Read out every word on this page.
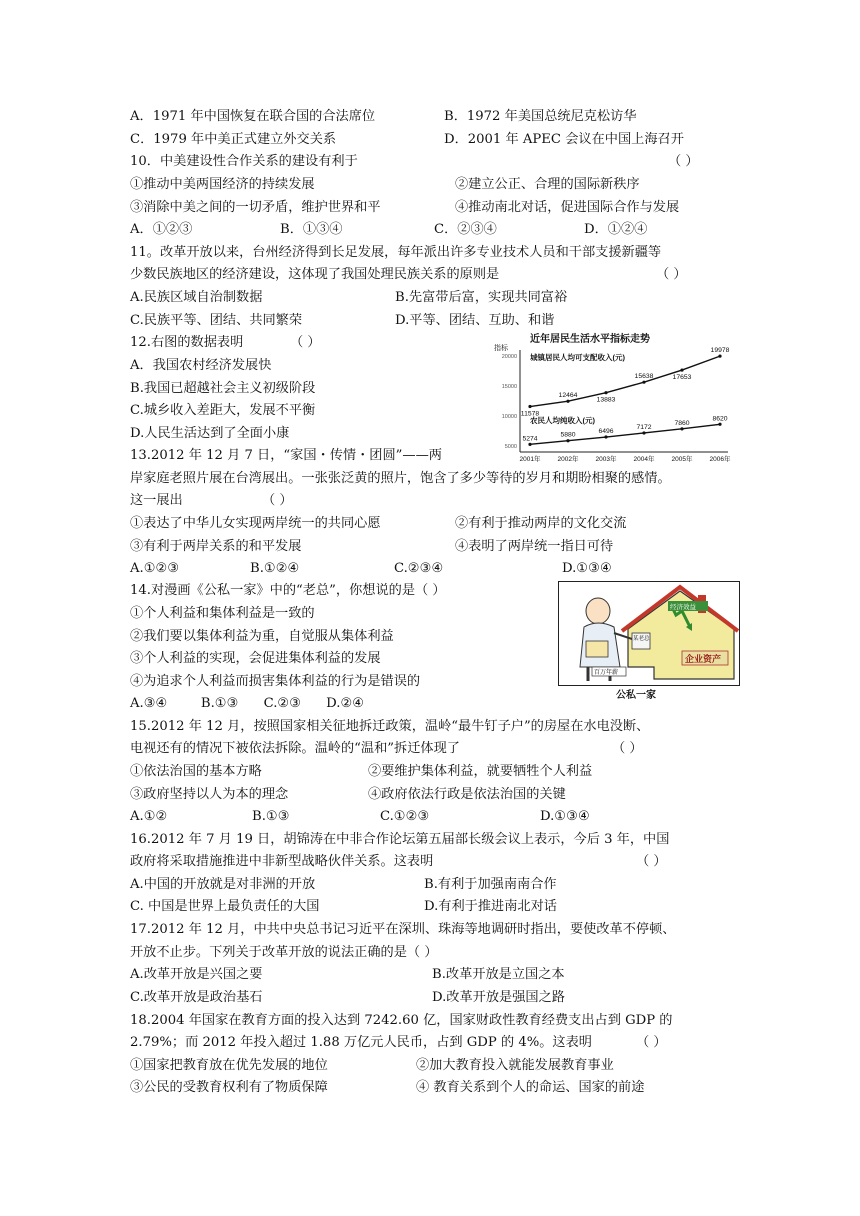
A．1971 年中国恢复在联合国的合法席位	B．1972 年美国总统尼克松访华
C．1979 年中美正式建立外交关系	D．2001 年 APEC 会议在中国上海召开
10．中美建设性合作关系的建设有利于	（ ）
①推动中美两国经济的持续发展	②建立公正、合理的国际新秩序
③消除中美之间的一切矛盾，维护世界和平	④推动南北对话，促进国际合作与发展
A．①②③	B．①③④	C．②③④	D．①②④
11。改革开放以来，台州经济得到长足发展，每年派出许多专业技术人员和干部支援新疆等
少数民族地区的经济建设，这体现了我国处理民族关系的原则是	（ ）
A.民族区域自治制数据	B.先富带后富，实现共同富裕
C.民族平等、团结、共同繁荣	D.平等、团结、互助、和谐
12.右图的数据表明	（ ）
A．我国农村经济发展快
B.我国已超越社会主义初级阶段
C.城乡收入差距大，发展不平衡
D.人民生活达到了全面小康
近年居民生活水平指标走势
指标
20000
15000
10000
5000
2001年	2002年	2003年	2004年	2005年	2006年
11578
12464
13883
15638	17653
19978
5274
5880
6496
7172
7860
8620
城镇居民人均可支配收入(元)
农民人均纯收入(元)
13.2012 年 12 月 7 日，“家国・传情・团圆”——两
岸家庭老照片展在台湾展出。一张张泛黄的照片，饱含了多少等待的岁月和期盼相聚的感情。
这一展出	（ ）
①表达了中华儿女实现两岸统一的共同心愿	②有利于推动两岸的文化交流
③有利于两岸关系的和平发展	④表明了两岸统一指日可待
A.①②③	B.①②④	C.②③④	D.①③④
14.对漫画《公私一家》中的“老总”，你想说的是（ ）
①个人利益和集体利益是一致的
②我们要以集体利益为重，自觉服从集体利益
③个人利益的实现，会促进集体利益的发展
④为追求个人利益而损害集体利益的行为是错误的
A.③④        B.①③      C.②③      D.②④
经济效益
企业资产
某老总
百万年薪
公私一家
15.2012 年 12 月，按照国家相关征地拆迁政策，温岭“最牛钉子户”的房屋在水电没断、
电视还有的情况下被依法拆除。温岭的“温和”拆迁体现了	（ ）
①依法治国的基本方略	②要维护集体利益，就要牺牲个人利益
③政府坚持以人为本的理念	④政府依法行政是依法治国的关键
A.①②	B.①③	C.①②③	D.①③④
16.2012 年 7 月 19 日，胡锦涛在中非合作论坛第五届部长级会议上表示，今后 3 年，中国
政府将采取措施推进中非新型战略伙伴关系。这表明	（ ）
A.中国的开放就是对非洲的开放	B.有利于加强南南合作
C. 中国是世界上最负责任的大国	D.有利于推进南北对话
17.2012 年 12 月，中共中央总书记习近平在深圳、珠海等地调研时指出，要使改革不停顿、
开放不止步。下列关于改革开放的说法正确的是（ ）
A.改革开放是兴国之要	B.改革开放是立国之本
C.改革开放是政治基石	D.改革开放是强国之路
18.2004 年国家在教育方面的投入达到 7242.60 亿，国家财政性教育经费支出占到 GDP 的
2.79%；而 2012 年投入超过 1.88 万亿元人民币，占到 GDP 的 4%。这表明	（ ）
①国家把教育放在优先发展的地位	②加大教育投入就能发展教育事业
③公民的受教育权利有了物质保障	④ 教育关系到个人的命运、国家的前途
